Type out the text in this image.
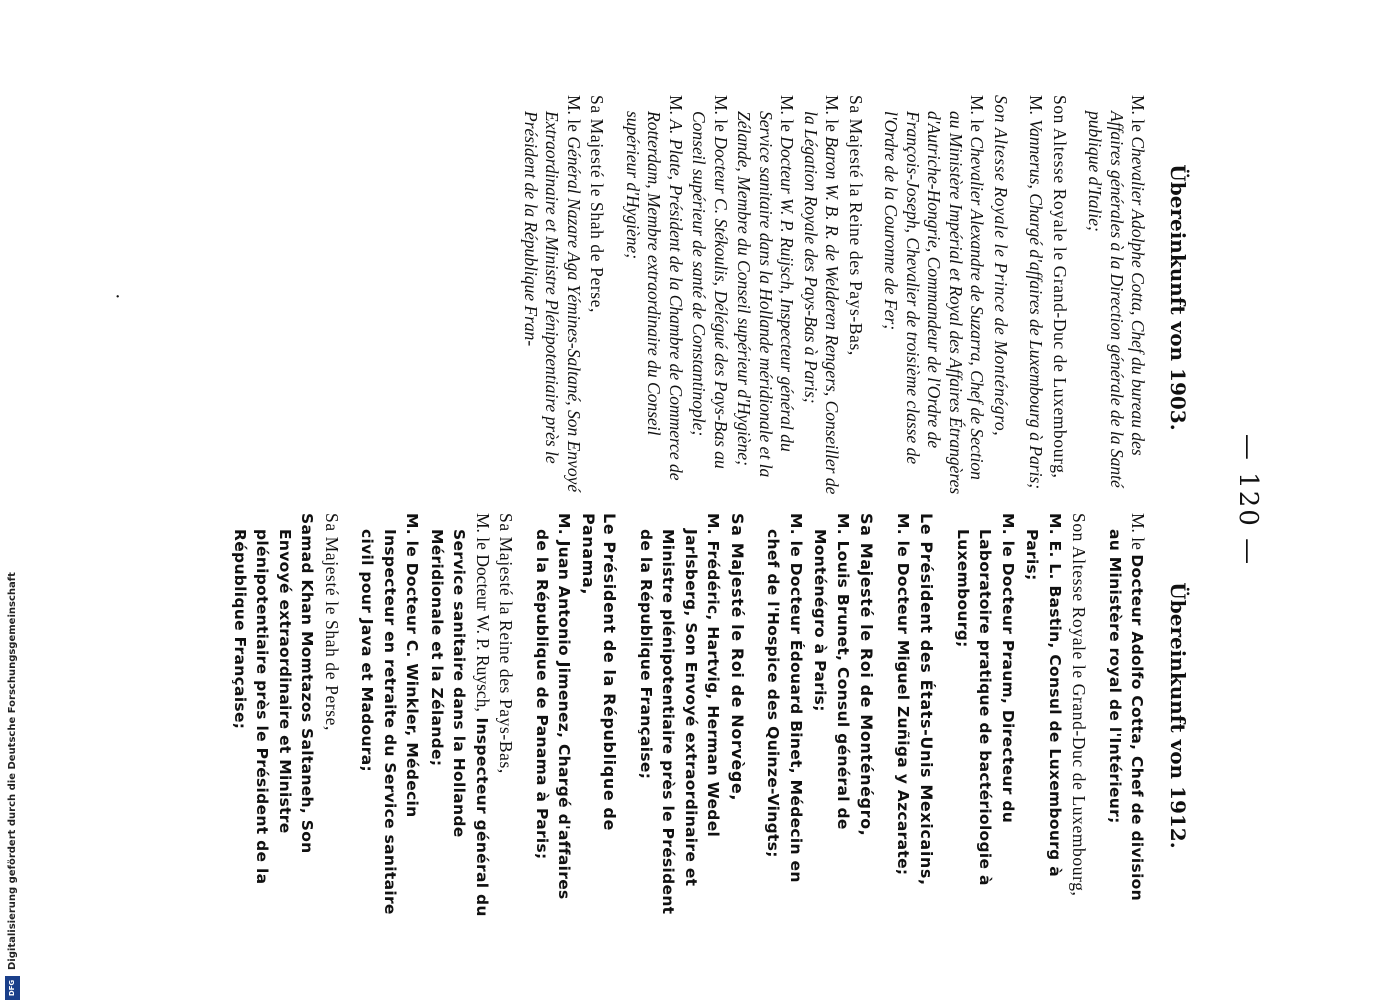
— 120 —
Übereinkunft von 1903.

M. le Chevalier Adolphe Cotta, Chef du bureau des Affaires générales à la Direction générale de la Santé publique d'Italie;

Son Altesse Royale le Grand-Duc de Luxembourg,

M. Vannerus, Chargé d'affaires de Luxembourg à Paris;

Son Altesse Royale le Prince de Monténégro,

M. le Chevalier Alexandre de Suzarra, Chef de Section au Ministère Impérial et Royal des Affaires Étrangères d'Autriche-Hongrie, Commandeur de l'Ordre de François-Joseph, Chevalier de troisième classe de l'Ordre de la Couronne de Fer;

Sa Majesté la Reine des Pays-Bas,

M. le Baron W. B. R. de Welderen Rengers, Conseiller de la Légation Royale des Pays-Bas à Paris;

M. le Docteur W. P. Ruijsch, Inspecteur général du Service sanitaire dans la Hollande méridionale et la Zélande, Membre du Conseil supérieur d'Hygiène;

M. le Docteur C. Stékoulis, Délégué des Pays-Bas au Conseil supérieur de santé de Constantinople;

M. A. Plate, Président de la Chambre de Commerce de Rotterdam, Membre extraordinaire du Conseil supérieur d'Hygiène;

Sa Majesté le Shah de Perse,

M. le Général Nazare Aga Yémines-Saltané, Son Envoyé Extraordinaire et Ministre Plénipotentiaire près le Président de la République Fran-

Übereinkunft von 1912.

M. le Docteur Adolfo Cotta, Chef de division au Ministère royal de l'Intérieur;

Son Altesse Royale le Grand-Duc de Luxembourg,

M. E. L. Bastin, Consul de Luxembourg à Paris;

M. le Docteur Praum, Directeur du Laboratoire pratique de bactériologie à Luxembourg;

Le Président des États-Unis Mexicains,

M. le Docteur Miguel Zuñiga y Azcarate;

Sa Majesté le Roi de Monténégro,

M. Louis Brunet, Consul général de Monténégro à Paris;

M. le Docteur Édouard Binet, Médecin en chef de l'Hospice des Quinze-Vingts;

Sa Majesté le Roi de Norvège,

M. Frédéric, Hartvig, Herman Wedel Jarlsberg, Son Envoyé extraordinaire et Ministre plénipotentiaire près le Président de la République Française;

Le Président de la République de Panama,

M. Juan Antonio Jimenez, Chargé d'affaires de la République de Panama à Paris;

Sa Majesté la Reine des Pays-Bas,

M. le Docteur W. P. Ruysch, Inspecteur général du Service sanitaire dans la Hollande Méridionale et la Zélande;

M. le Docteur C. Winkler, Médecin Inspecteur en retraite du Service sanitaire civil pour Java et Madoura;

Sa Majesté le Shah de Perse,

Samad Khan Momtazos Saltaneh, Son Envoyé extraordinaire et Ministre plénipotentiaire près le Président de la République Française;

·
DFG
Digitalisierung gefördert durch die Deutsche Forschungsgemeinschaft
